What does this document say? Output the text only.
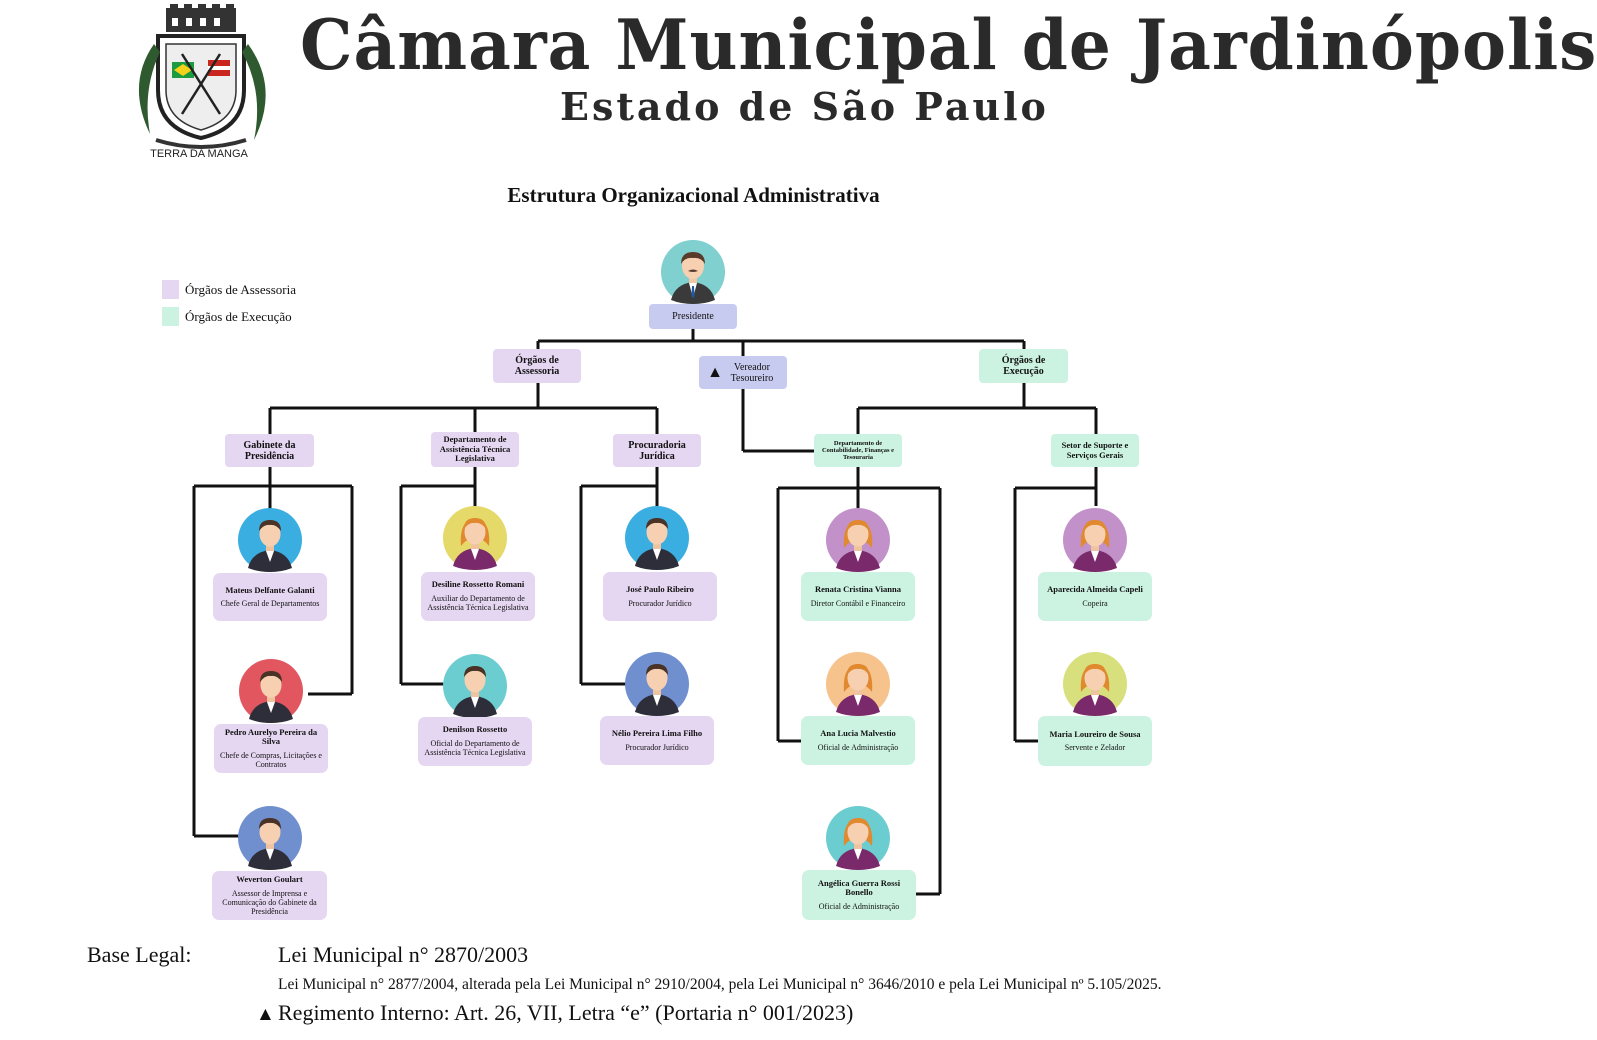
TERRA DA MANGA
Câmara Municipal de Jardinópolis
Estado de São Paulo
Estrutura Organizacional Administrativa
Órgãos de Assessoria
Órgãos de Execução	Presidente
Órgãos de Assessoria	▲	Vereador Tesoureiro
Órgãos de Execução
Gabinete da Presidência
Departamento de Assistência Técnica Legislativa
Procuradoria Jurídica
Departamento de Contabilidade, Finanças e Tesouraria
Setor de Suporte e Serviços Gerais
Mateus Delfante Galanti
Chefe Geral de Departamentos
Pedro Aurelyo Pereira da Silva
Chefe de Compras, Licitações e Contratos
Weverton Goulart
Assessor de Imprensa e Comunicação do Gabinete da Presidência
Desiline Rossetto Romani
Auxiliar do Departamento de Assistência Técnica Legislativa
Denilson Rossetto
Oficial do Departamento de Assistência Técnica Legislativa
José Paulo Ribeiro
Procurador Jurídico
Nélio Pereira Lima Filho
Procurador Jurídico
Renata Cristina Vianna
Diretor Contábil e Financeiro
Ana Lucia Malvestio
Oficial de Administração
Angélica Guerra Rossi Bonello
Oficial de Administração
Aparecida Almeida Capeli
Copeira
Maria Loureiro de Sousa
Servente e Zelador
Base Legal:	Lei Municipal n° 2870/2003
Lei Municipal n° 2877/2004, alterada pela Lei Municipal n° 2910/2004, pela Lei Municipal n° 3646/2010 e pela Lei Municipal nº 5.105/2025.
▲ Regimento Interno: Art. 26, VII, Letra “e” (Portaria n° 001/2023)
